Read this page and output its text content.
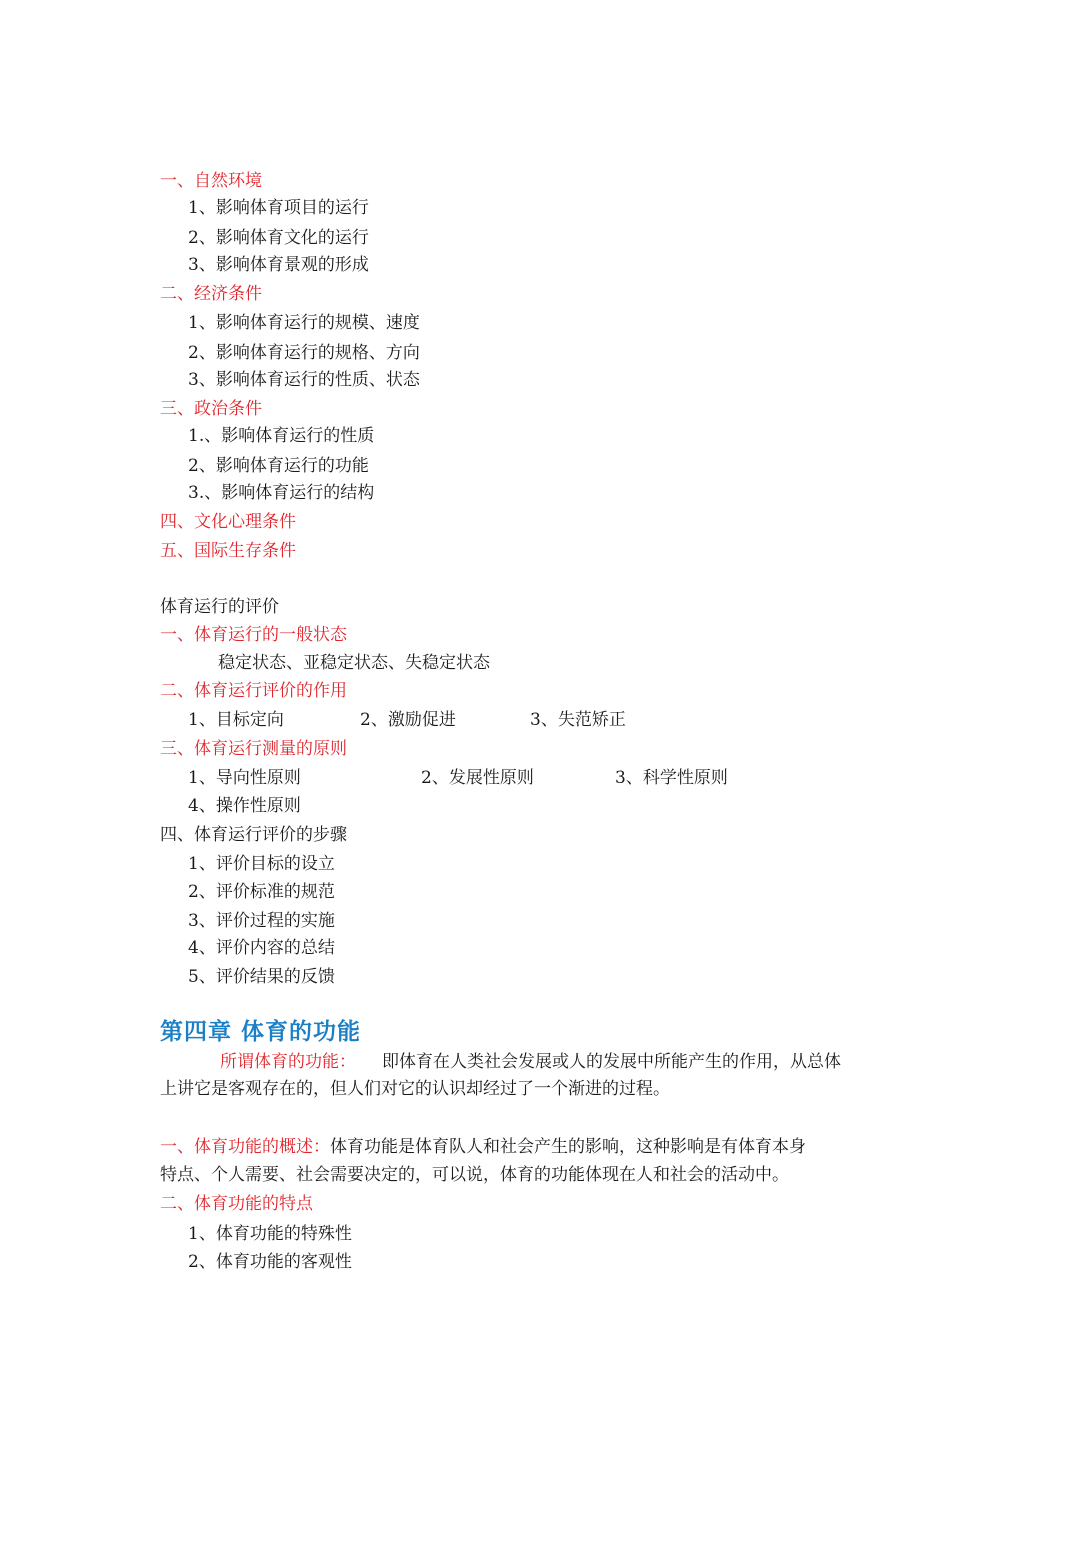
一、自然环境
1、影响体育项目的运行
2、影响体育文化的运行
3、影响体育景观的形成
二、经济条件
1、影响体育运行的规模、速度
2、影响体育运行的规格、方向
3、影响体育运行的性质、状态
三、政治条件
1.、影响体育运行的性质
2、影响体育运行的功能
3.、影响体育运行的结构
四、文化心理条件
五、国际生存条件
体育运行的评价
一、体育运行的一般状态
稳定状态、亚稳定状态、失稳定状态
二、体育运行评价的作用
1、目标定向	2、激励促进	3、失范矫正
三、体育运行测量的原则
1、导向性原则	2、发展性原则	3、科学性原则
4、操作性原则
四、体育运行评价的步骤
1、评价目标的设立
2、评价标准的规范
3、评价过程的实施
4、评价内容的总结
5、评价结果的反馈
第四章 体育的功能
所谓体育的功能： 即体育在人类社会发展或人的发展中所能产生的作用，从总体
上讲它是客观存在的，但人们对它的认识却经过了一个渐进的过程。
一、体育功能的概述：体育功能是体育队人和社会产生的影响，这种影响是有体育本身
特点、个人需要、社会需要决定的，可以说，体育的功能体现在人和社会的活动中。
二、体育功能的特点
1、体育功能的特殊性
2、体育功能的客观性
